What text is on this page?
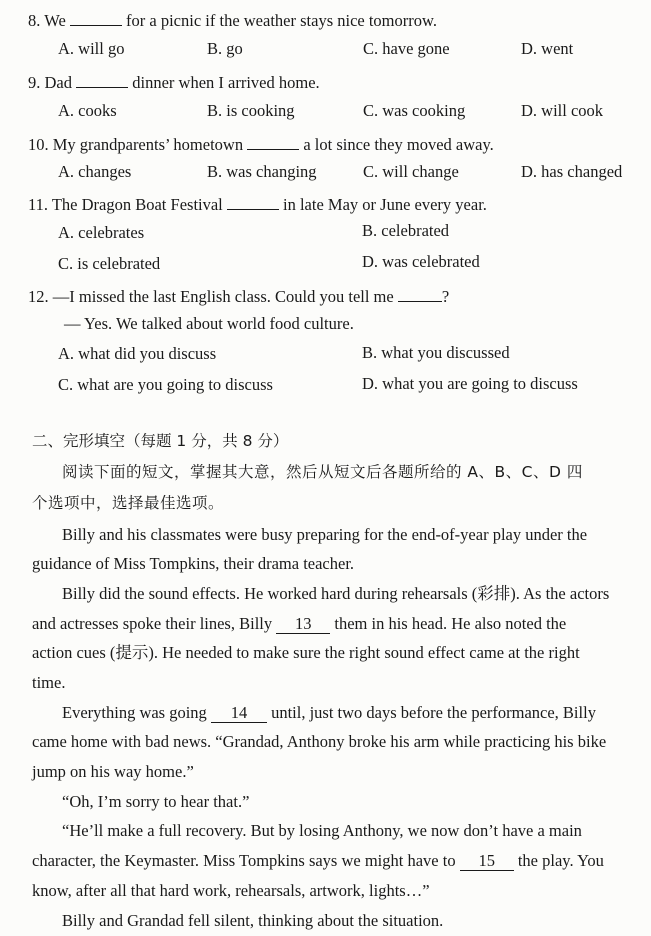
8. We	for a picnic if the weather stays nice tomorrow.
A. will go	B. go	C. have gone	D. went
9. Dad	dinner when I arrived home.
A. cooks	B. is cooking	C. was cooking	D. will cook
10. My grandparents’ hometown	a lot since they moved away.
A. changes	B. was changing	C. will change	D. has changed
11. The Dragon Boat Festival	in late May or June every year.
A. celebrates	B. celebrated
C. is celebrated	D. was celebrated
12. —I missed the last English class. Could you tell me	?
— Yes. We talked about world food culture.
A. what did you discuss	B. what you discussed
C. what are you going to discuss	D. what you are going to discuss
二、完形填空（每题 1 分，共 8 分）
阅读下面的短文，掌握其大意，然后从短文后各题所给的 A、B、C、D 四
个选项中，选择最佳选项。
Billy and his classmates were busy preparing for the end-of-year play under the
guidance of Miss Tompkins, their drama teacher.
Billy did the sound effects. He worked hard during rehearsals (彩排). As the actors
and actresses spoke their lines, Billy 13 them in his head. He also noted the
action cues (提示). He needed to make sure the right sound effect came at the right
time.
Everything was going 14 until, just two days before the performance, Billy
came home with bad news. “Grandad, Anthony broke his arm while practicing his bike
jump on his way home.”
“Oh, I’m sorry to hear that.”
“He’ll make a full recovery. But by losing Anthony, we now don’t have a main
character, the Keymaster. Miss Tompkins says we might have to 15 the play. You
know, after all that hard work, rehearsals, artwork, lights…”
Billy and Grandad fell silent, thinking about the situation.
